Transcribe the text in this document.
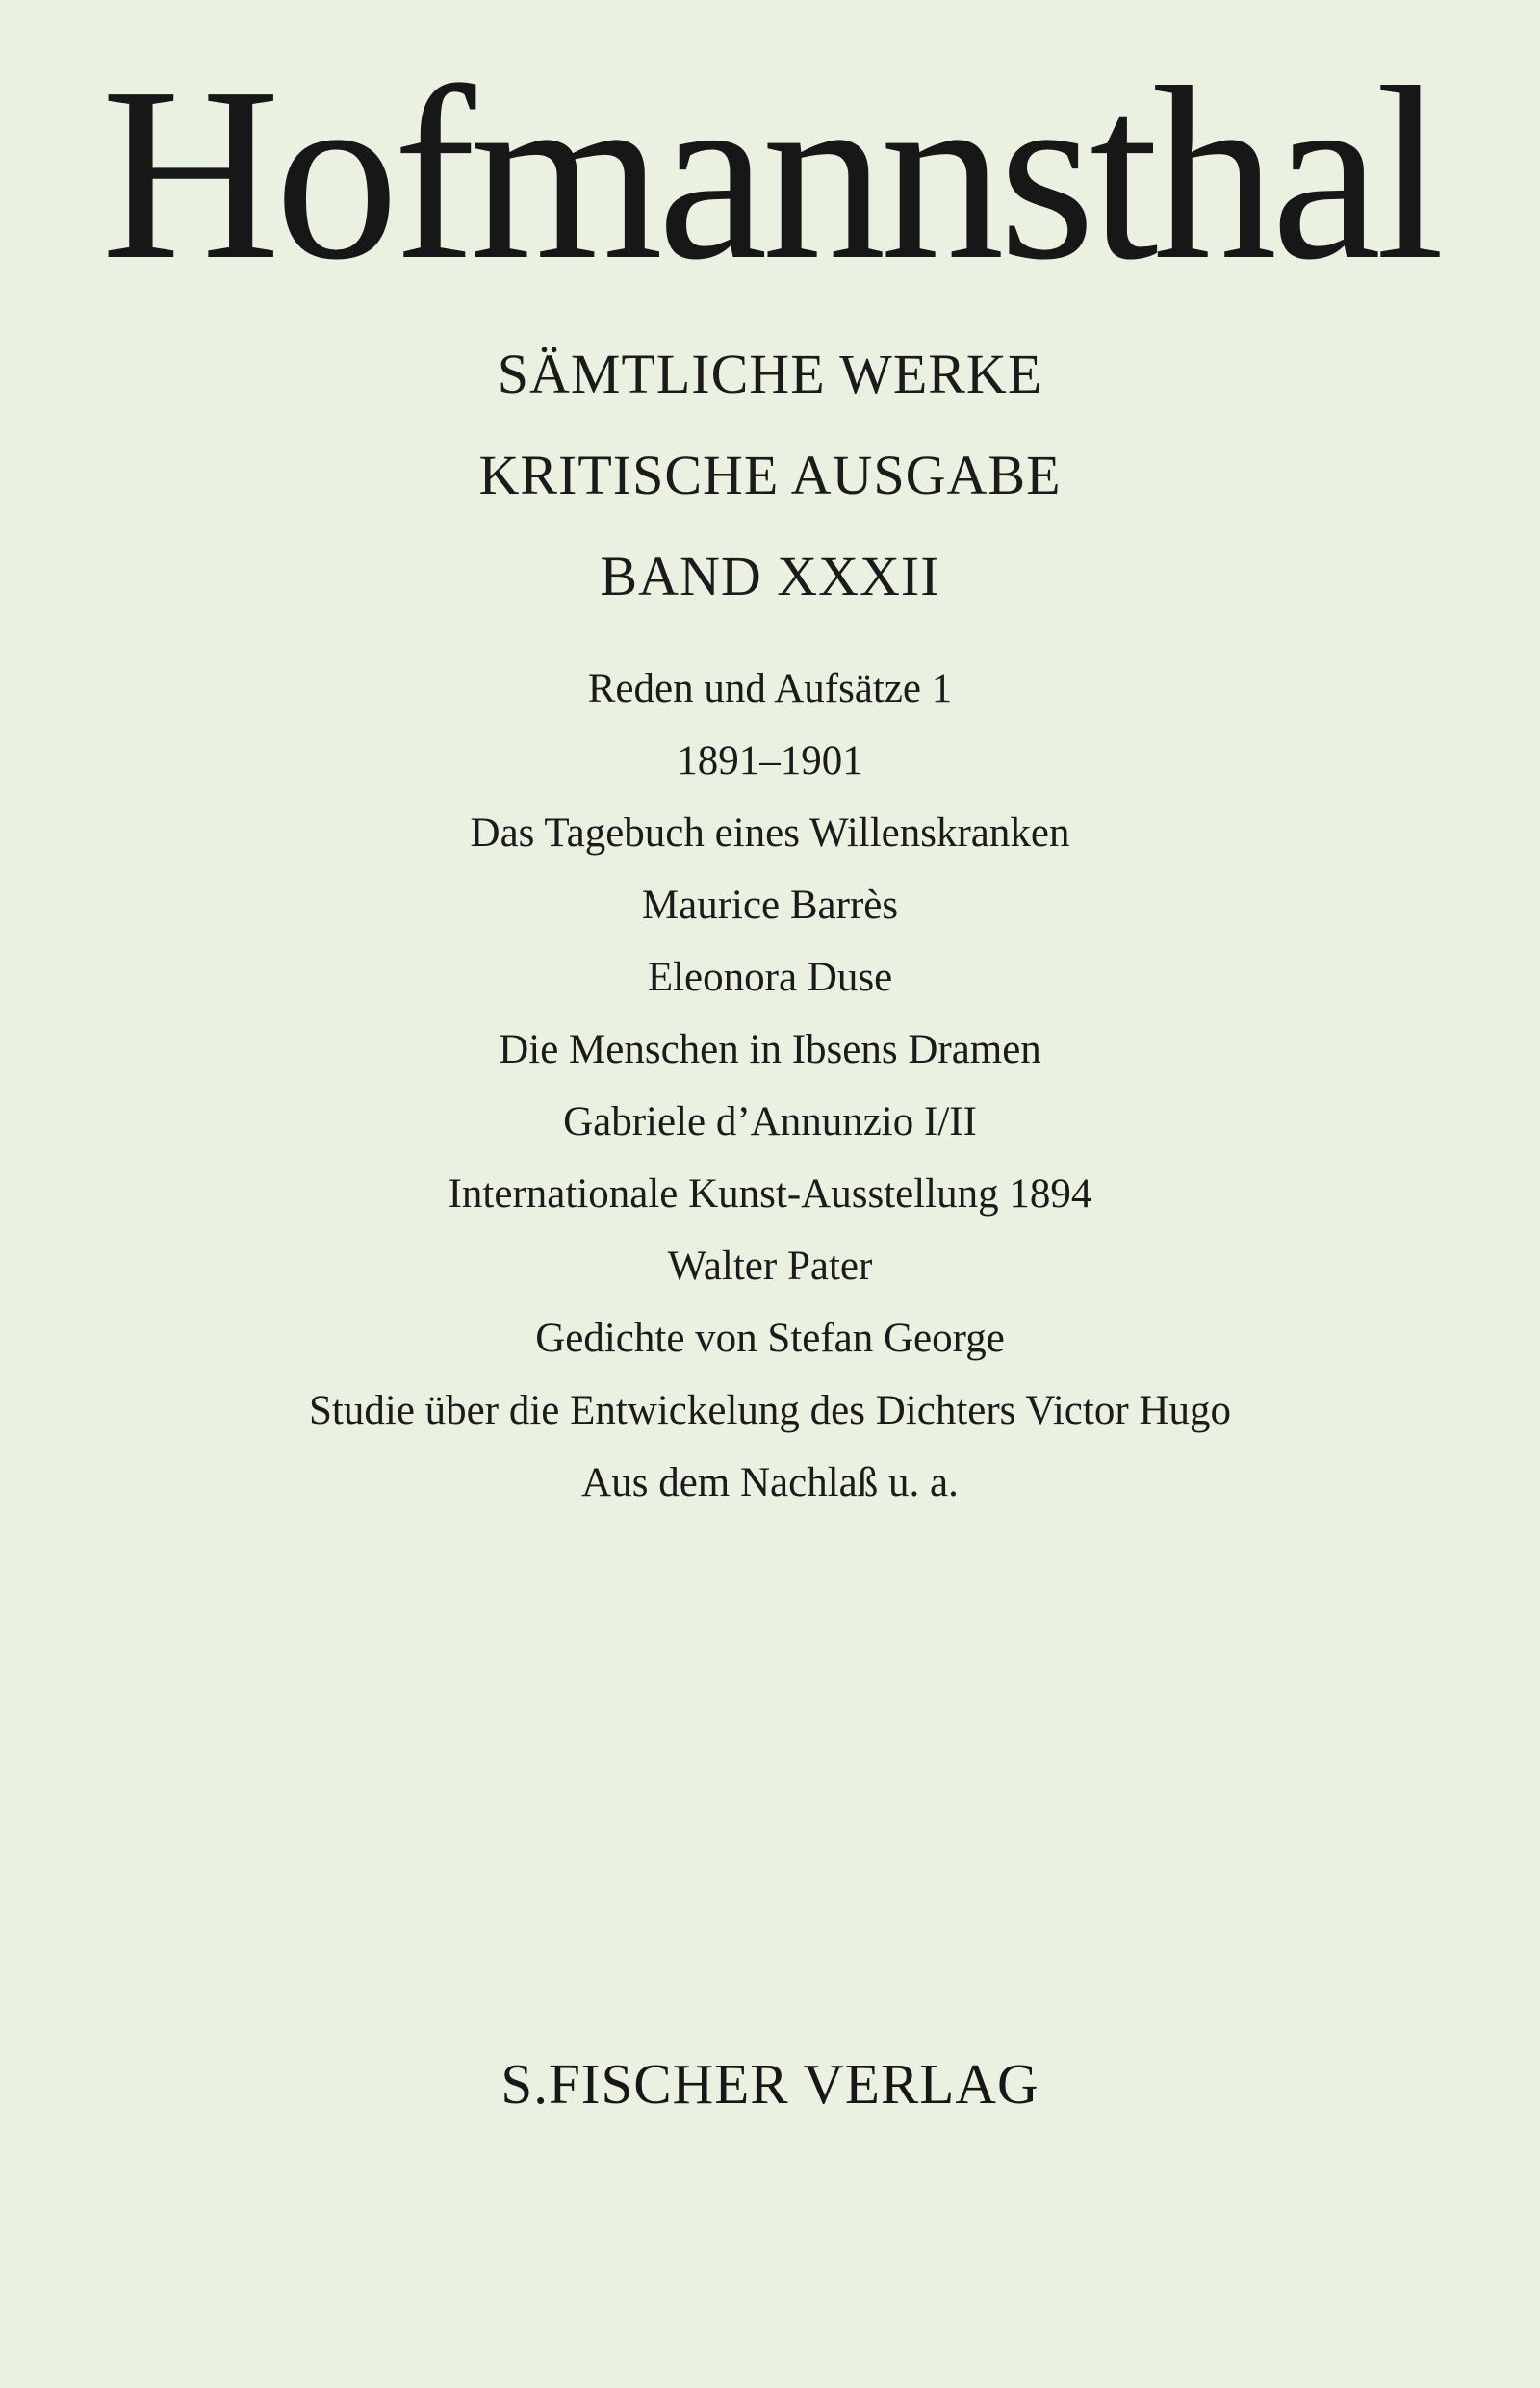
Hofmannsthal
SÄMTLICHE WERKE
KRITISCHE AUSGABE
BAND XXXII
Reden und Aufsätze 1
1891–1901
Das Tagebuch eines Willenskranken
Maurice Barrès
Eleonora Duse
Die Menschen in Ibsens Dramen
Gabriele d’Annunzio I/II
Internationale Kunst-Ausstellung 1894
Walter Pater
Gedichte von Stefan George
Studie über die Entwickelung des Dichters Victor Hugo
Aus dem Nachlaß u. a.
S.FISCHER VERLAG
